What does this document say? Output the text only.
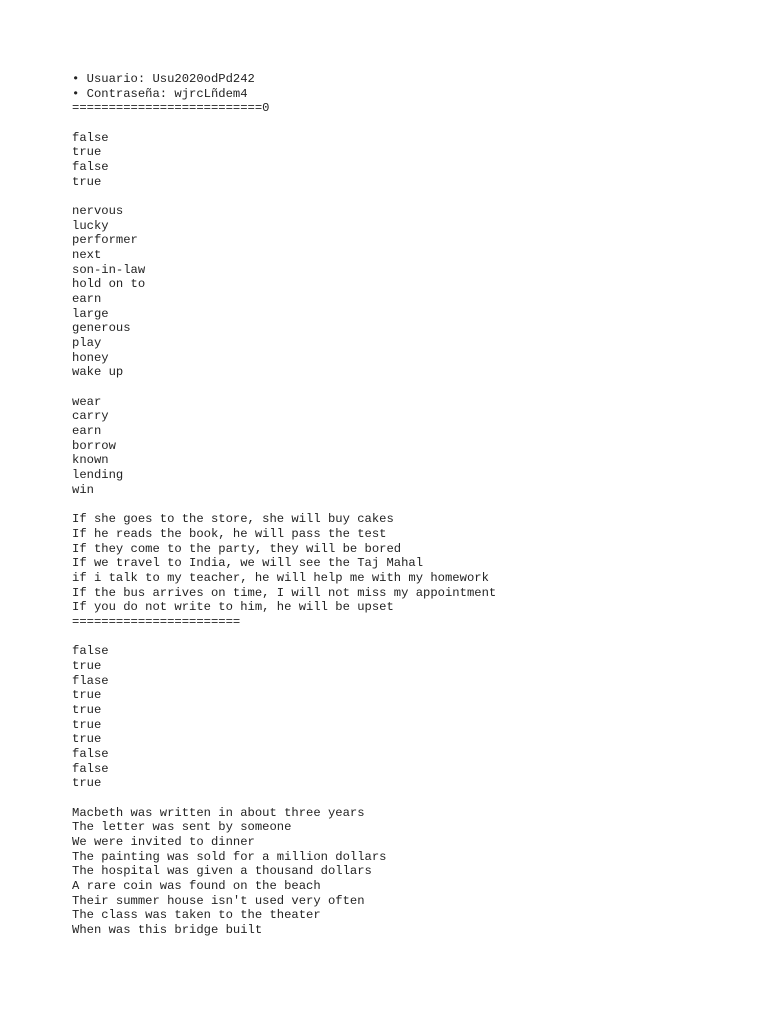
• Usuario: Usu2020odPd242
• Contraseña: wjrcLñdem4
==========================0
false
true
false
true
nervous
lucky
performer
next
son-in-law
hold on to
earn
large
generous
play
honey
wake up
wear
carry
earn
borrow
known
lending
win
If she goes to the store, she will buy cakes
If he reads the book, he will pass the test
If they come to the party, they will be bored
If we travel to India, we will see the Taj Mahal
if i talk to my teacher, he will help me with my homework
If the bus arrives on time, I will not miss my appointment
If you do not write to him, he will be upset
=======================
false
true
flase
true
true
true
true
false
false
true
Macbeth was written in about three years
The letter was sent by someone
We were invited to dinner
The painting was sold for a million dollars
The hospital was given a thousand dollars
A rare coin was found on the beach
Their summer house isn't used very often
The class was taken to the theater
When was this bridge built
